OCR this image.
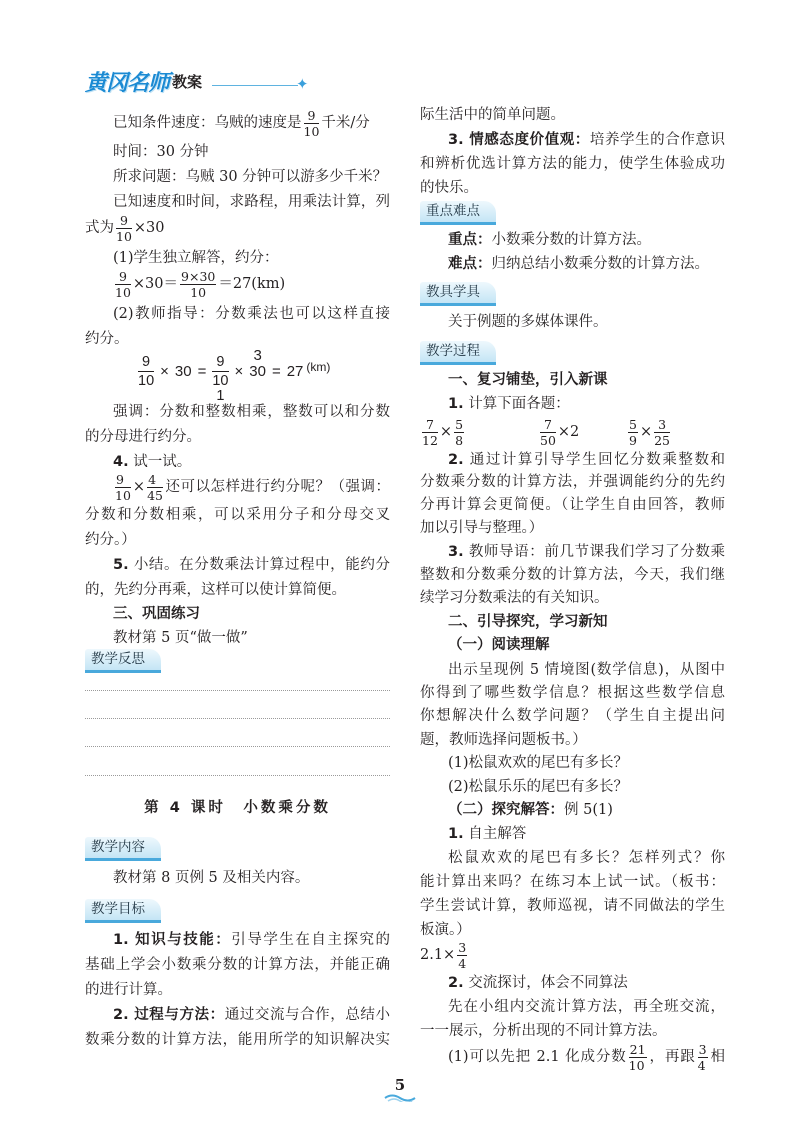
黄冈名师 教案	✦
已知条件速度：乌贼的速度是 $\frac{9}{10}$ 千米/分
时间：30 分钟
所求问题：乌贼 30 分钟可以游多少千米？
已知速度和时间，求路程，用乘法计算，列
式为 $\frac{9}{10} \times 30$
(1)学生独立解答，约分：
$\frac{9}{10} \times 30= \frac{9\times 30}{10} =27(km)$
(2)教师指导：分数乘法也可以这样直接
约分。
$\frac{9}{10} \times 30$ =
9
10
1
×
3
30 = 27 (km)
强调：分数和整数相乘，整数可以和分数
的分母进行约分。
4. 试一试。
$\frac{9}{10} \times \frac{4}{45}$ 还可以怎样进行约分呢？（强调：
分数和分数相乘，可以采用分子和分母交叉
约分。）
5. 小结。在分数乘法计算过程中，能约分
的，先约分再乘，这样可以使计算简便。
三、巩固练习
教材第 5 页“做一做”
教学反思
第 4 课时　小数乘分数
教学内容
教材第 8 页例 5 及相关内容。
教学目标
1. 知识与技能：引导学生在自主探究的
基础上学会小数乘分数的计算方法，并能正确
的进行计算。
2. 过程与方法：通过交流与合作，总结小
数乘分数的计算方法，能用所学的知识解决实
际生活中的简单问题。
3. 情感态度价值观：培养学生的合作意识
和辨析优选计算方法的能力，使学生体验成功
的快乐。
重点难点
重点：小数乘分数的计算方法。
难点：归纳总结小数乘分数的计算方法。
教具学具
关于例题的多媒体课件。
教学过程
一、复习铺垫，引入新课
1. 计算下面各题：
$\frac{7}{12} \times \frac{5}{8}$	$\frac{7}{50} \times 2$	$\frac{5}{9} \times \frac{3}{25}$
2. 通过计算引导学生回忆分数乘整数和
分数乘分数的计算方法，并强调能约分的先约
分再计算会更简便。（让学生自由回答，教师
加以引导与整理。）
3. 教师导语：前几节课我们学习了分数乘
整数和分数乘分数的计算方法，今天，我们继
续学习分数乘法的有关知识。
二、引导探究，学习新知
（一）阅读理解
出示呈现例 5 情境图(数学信息)，从图中
你得到了哪些数学信息？根据这些数学信息
你想解决什么数学问题？（学生自主提出问
题，教师选择问题板书。）
(1)松鼠欢欢的尾巴有多长？
(2)松鼠乐乐的尾巴有多长？
（二）探究解答：例 5(1)
1. 自主解答
松鼠欢欢的尾巴有多长？怎样列式？你
能计算出来吗？在练习本上试一试。（板书：
学生尝试计算，教师巡视，请不同做法的学生
板演。）
$2.1\times \frac{3}{4}$
2. 交流探讨，体会不同算法
先在小组内交流计算方法，再全班交流，
一一展示，分析出现的不同计算方法。
(1)可以先把 2.1 化成分数 $\frac{21}{10}$ ，再跟 $\frac{3}{4}$ 相
5
